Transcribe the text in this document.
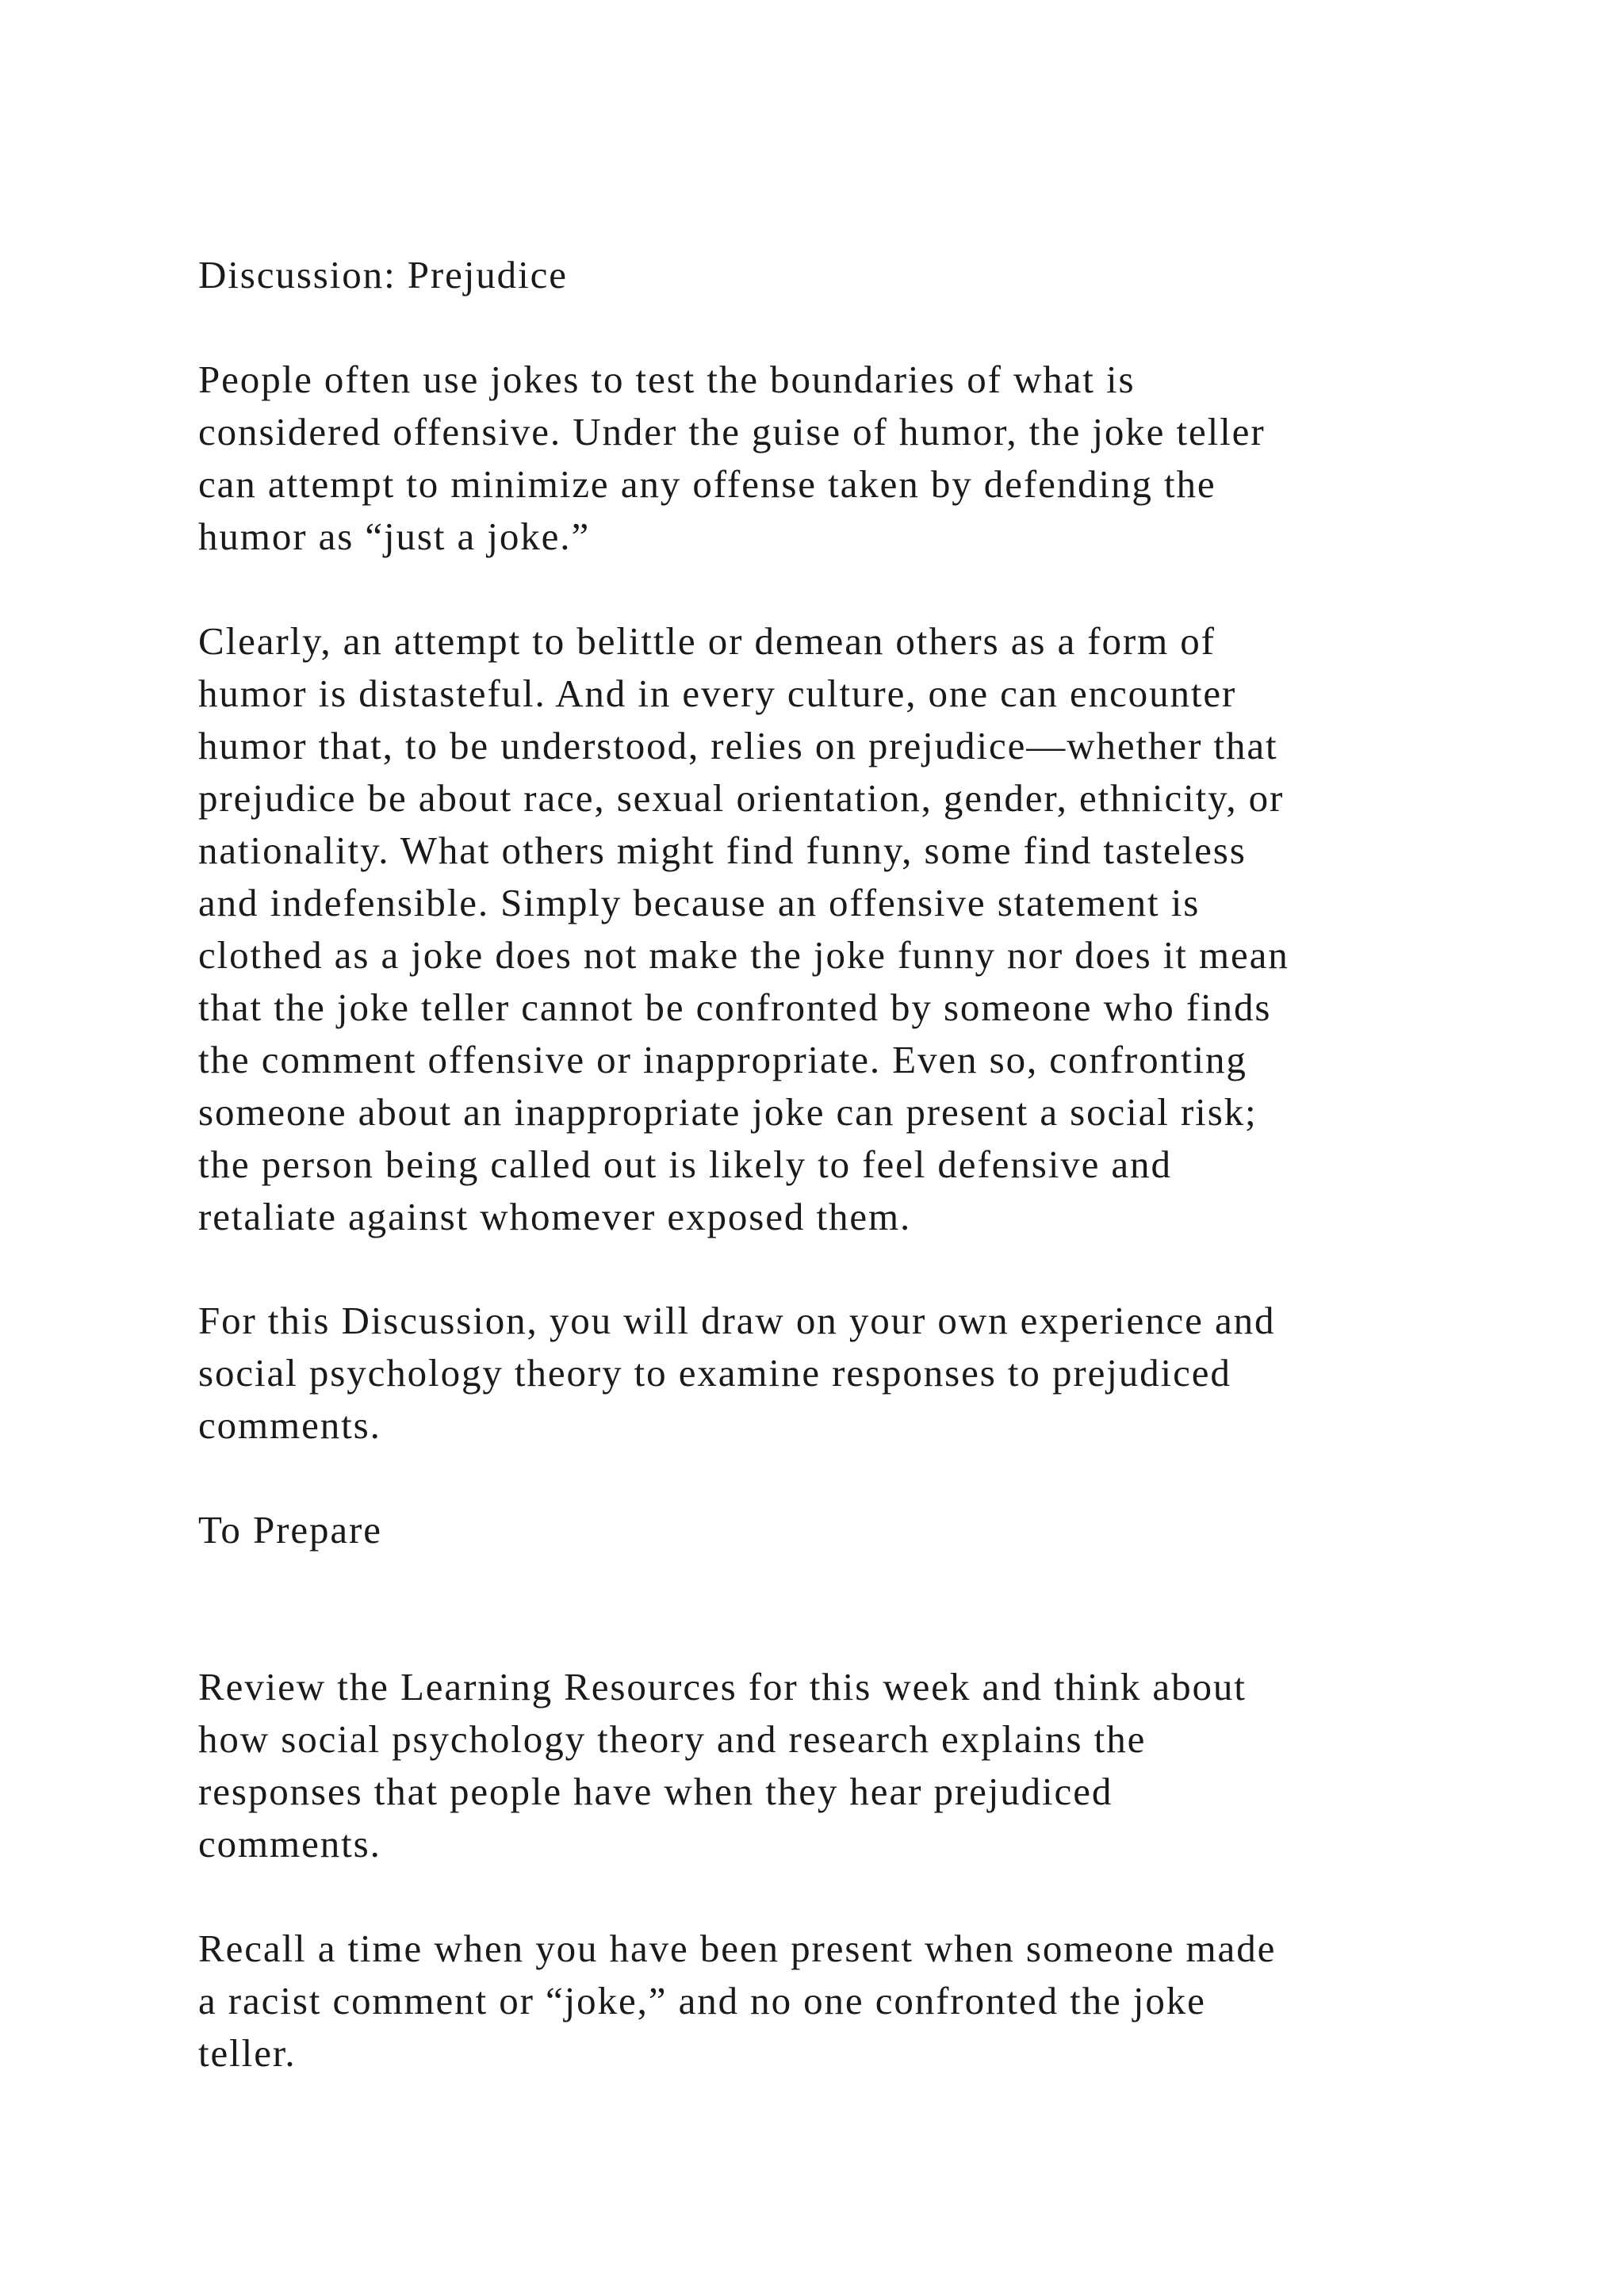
Discussion: Prejudice

People often use jokes to test the boundaries of what is

considered offensive. Under the guise of humor, the joke teller

can attempt to minimize any offense taken by defending the

humor as “just a joke.”

Clearly, an attempt to belittle or demean others as a form of

humor is distasteful. And in every culture, one can encounter

humor that, to be understood, relies on prejudice—whether that

prejudice be about race, sexual orientation, gender, ethnicity, or

nationality. What others might find funny, some find tasteless

and indefensible. Simply because an offensive statement is

clothed as a joke does not make the joke funny nor does it mean

that the joke teller cannot be confronted by someone who finds

the comment offensive or inappropriate. Even so, confronting

someone about an inappropriate joke can present a social risk;

the person being called out is likely to feel defensive and

retaliate against whomever exposed them.

For this Discussion, you will draw on your own experience and

social psychology theory to examine responses to prejudiced

comments.

To Prepare

Review the Learning Resources for this week and think about

how social psychology theory and research explains the

responses that people have when they hear prejudiced

comments.

Recall a time when you have been present when someone made

a racist comment or “joke,” and no one confronted the joke

teller.
